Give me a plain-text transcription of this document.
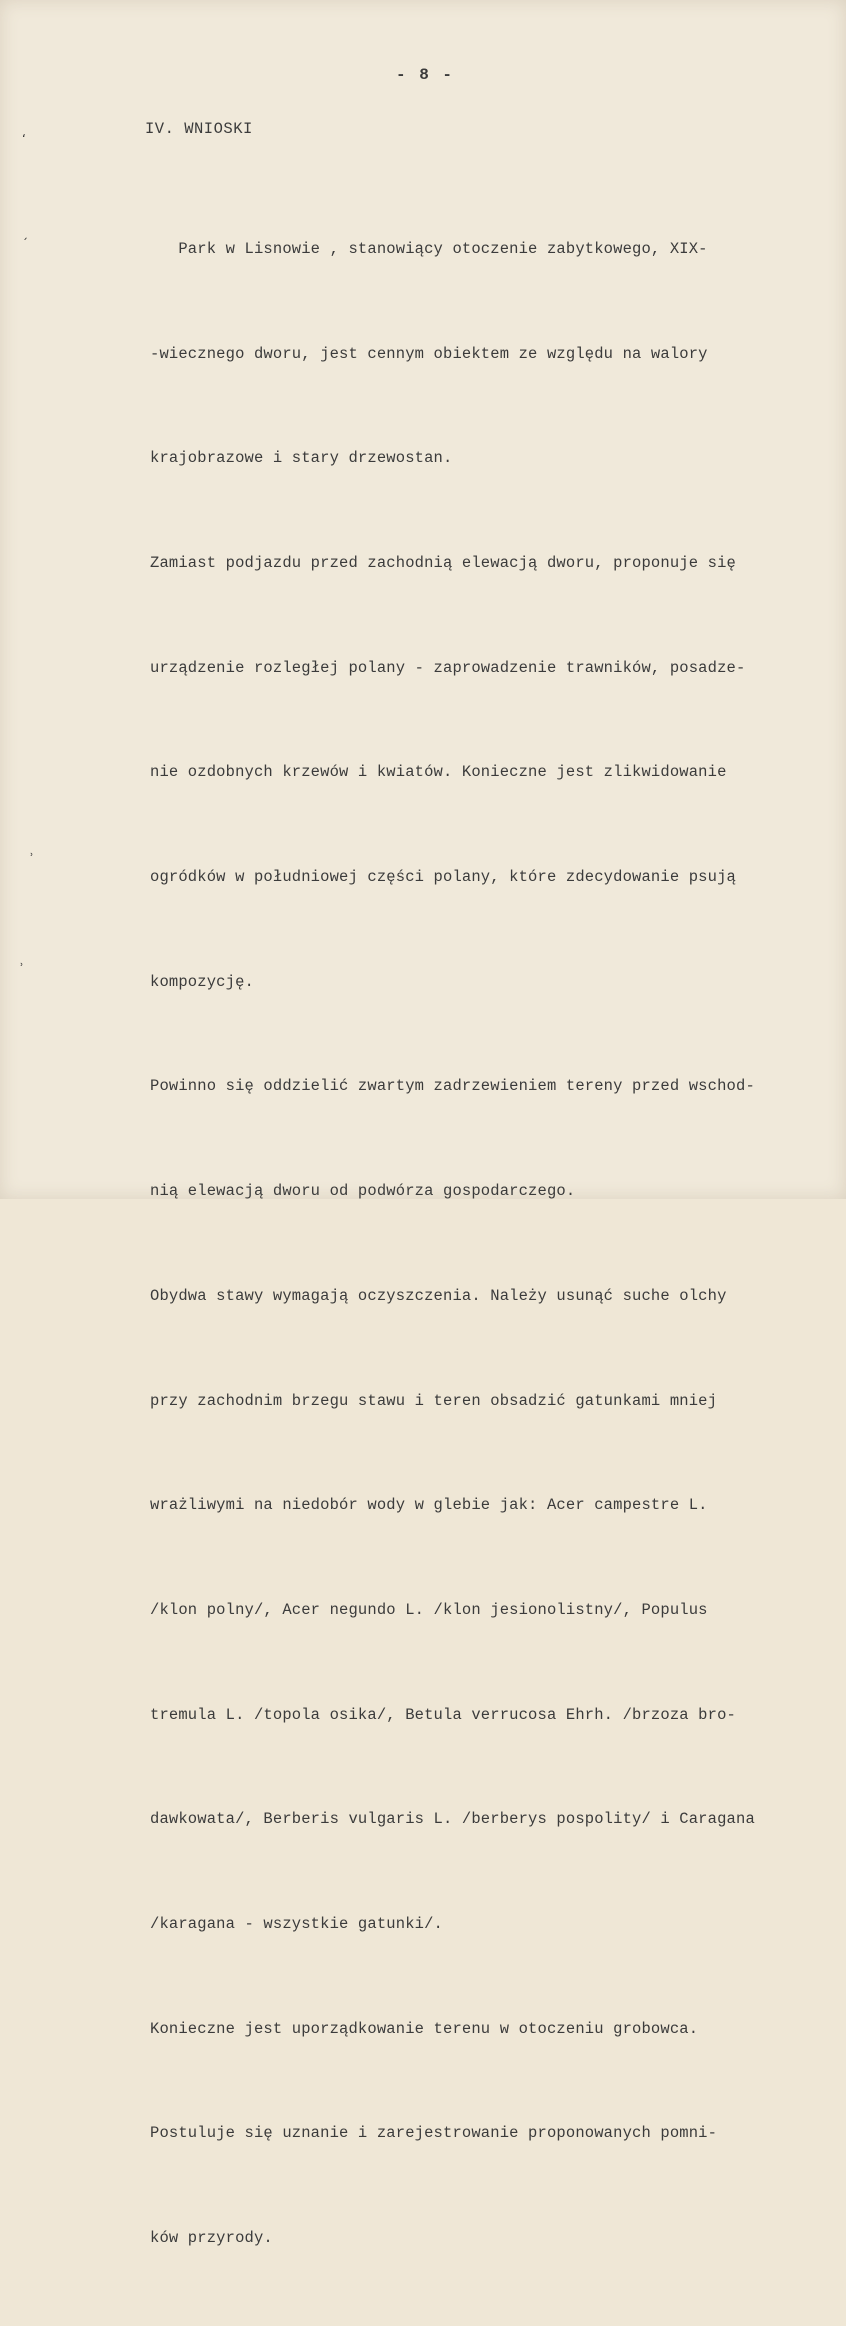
ʻ
ˏ
˒
˒
- 8 -
IV. WNIOSKI

Park w Lisnowie , stanowiący otoczenie zabytkowego, XIX-

-wiecznego dworu, jest cennym obiektem ze względu na walory

krajobrazowe i stary drzewostan.

Zamiast podjazdu przed zachodnią elewacją dworu, proponuje się

urządzenie rozległej polany - zaprowadzenie trawników, posadze-

nie ozdobnych krzewów i kwiatów. Konieczne jest zlikwidowanie

ogródków w południowej części polany, które zdecydowanie psują

kompozycję.

Powinno się oddzielić zwartym zadrzewieniem tereny przed wschod-

nią elewacją dworu od podwórza gospodarczego.

Obydwa stawy wymagają oczyszczenia. Należy usunąć suche olchy

przy zachodnim brzegu stawu i teren obsadzić gatunkami mniej

wrażliwymi na niedobór wody w glebie jak: Acer campestre L.

/klon polny/, Acer negundo L. /klon jesionolistny/, Populus

tremula L. /topola osika/, Betula verrucosa Ehrh. /brzoza bro-

dawkowata/, Berberis vulgaris L. /berberys pospolity/ i Caragana

/karagana - wszystkie gatunki/.

Konieczne jest uporządkowanie terenu w otoczeniu grobowca.

Postuluje się uznanie i zarejestrowanie proponowanych pomni-

ków przyrody.
